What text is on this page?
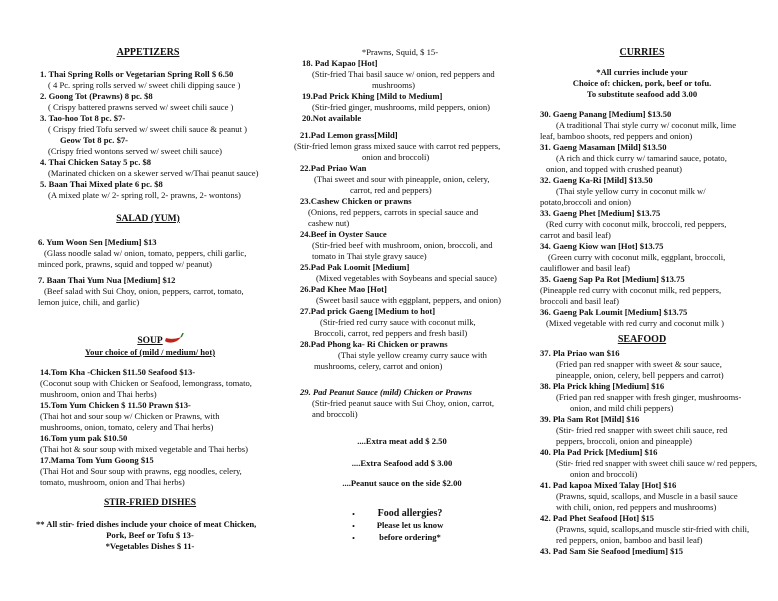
APPETIZERS
1. Thai Spring Rolls or Vegetarian Spring Roll $ 6.50
( 4 Pc. spring rolls served w/ sweet chili dipping sauce )
2. Goong Tot (Prawns) 8 pc. $8
( Crispy battered prawns served w/ sweet chili sauce )
3. Tao-hoo Tot 8 pc. $7-
( Crispy fried Tofu served w/ sweet chili sauce & peanut )
Geow Tot 8 pc. $7-
(Crispy fried wontons served w/ sweet chili sauce)
4. Thai Chicken Satay 5 pc. $8
(Marinated chicken on a skewer served w/Thai peanut sauce)
5. Baan Thai Mixed plate 6 pc. $8
(A mixed plate w/ 2- spring roll, 2- prawns, 2- wontons)
SALAD (YUM)
6. Yum Woon Sen [Medium] $13
(Glass noodle salad w/ onion, tomato, peppers, chili garlic,
minced pork, prawns, squid and topped w/ peanut)
7. Baan Thai Yum Nua [Medium] $12
(Beef salad with Sui Choy, onion, peppers, carrot, tomato,
lemon juice, chili, and garlic)
SOUP
Your choice of (mild / medium/ hot)
14.Tom Kha -Chicken $11.50 Seafood $13-
(Coconut soup with Chicken or Seafood, lemongrass, tomato,
mushroom, onion and Thai herbs)
15.Tom Yum Chicken $ 11.50 Prawn $13-
(Thai hot and sour soup w/ Chicken or Prawns, with
mushrooms, onion, tomato, celery and Thai herbs)
16.Tom yum pak $10.50
(Thai hot & sour soup with mixed vegetable and Thai herbs)
17.Mama Tom Yum Goong $15
(Thai Hot and Sour soup with prawns, egg noodles, celery,
tomato, mushroom, onion and Thai herbs)
STIR-FRIED DISHES
** All stir- fried dishes include your choice of meat Chicken,
Pork, Beef or Tofu $ 13-
*Vegetables Dishes $ 11-
*Prawns, Squid, $ 15-
18. Pad Kapao [Hot]
(Stir-fried Thai basil sauce w/ onion, red peppers and
mushrooms)
19.Pad Prick Khing [Mild to Medium]
(Stir-fried ginger, mushrooms, mild peppers, onion)
20.Not available
21.Pad Lemon grass[Mild]
(Stir-fried lemon grass mixed sauce with carrot red peppers,
onion and broccoli)
22.Pad Priao Wan
(Thai sweet and sour with pineapple, onion, celery,
carrot, red and peppers)
23.Cashew Chicken or prawns
(Onions, red peppers, carrots in special sauce and
cashew nut)
24.Beef in Oyster Sauce
(Stir-fried beef with mushroom, onion, broccoli, and
tomato in Thai style gravy sauce)
25.Pad Pak Loomit [Medium]
(Mixed vegetables with Soybeans and special sauce)
26.Pad Khee Mao [Hot]
(Sweet basil sauce with eggplant, peppers, and onion)
27.Pad prick Gaeng [Medium to hot]
(Stir-fried red curry sauce with coconut milk,
Broccoli, carrot, red peppers and fresh basil)
28.Pad Phong ka- Ri Chicken or prawns
(Thai style yellow creamy curry sauce with
mushrooms, celery, carrot and onion)
29. Pad Peanut Sauce (mild) Chicken or Prawns
(Stir-fried peanut sauce with Sui Choy, onion, carrot,
and broccoli)
....Extra meat add $ 2.50
....Extra Seafood add $ 3.00
....Peanut sauce on the side $2.00
•
•
•
Food allergies?
Please let us know
before ordering*
CURRIES
*All curries include your
Choice of: chicken, pork, beef or tofu.
To substitute seafood add 3.00
30. Gaeng Panang [Medium] $13.50
(A traditional Thai style curry w/ coconut milk, lime
leaf, bamboo shoots, red peppers and onion)
31. Gaeng Masaman [Mild] $13.50
(A rich and thick curry w/ tamarind sauce, potato,
onion, and topped with crushed peanut)
32. Gaeng Ka-Ri [Mild] $13.50
(Thai style yellow curry in coconut milk w/
potato,broccoli and onion)
33. Gaeng Phet [Medium] $13.75
(Red curry with coconut milk, broccoli, red peppers,
carrot and basil leaf)
34. Gaeng Kiow wan [Hot] $13.75
(Green curry with coconut milk, eggplant, broccoli,
cauliflower and basil leaf)
35. Gaeng Sap Pa Rot [Medium] $13.75
(Pineapple red curry with coconut milk, red peppers,
broccoli and basil leaf)
36. Gaeng Pak Loumit [Medium] $13.75
(Mixed vegetable with red curry and coconut milk )
SEAFOOD
37. Pla Priao wan $16
(Fried pan red snapper with sweet & sour sauce,
pineapple, onion, celery, bell peppers and carrot)
38. Pla Prick khing [Medium] $16
(Fried pan red snapper with fresh ginger, mushrooms-
onion, and mild chili peppers)
39. Pla Sam Rot [Mild] $16
(Stir- fried red snapper with sweet chili sauce, red
peppers, broccoli, onion and pineapple)
40. Pla Pad Prick [Medium] $16
(Stir- fried red snapper with sweet chili sauce w/ red peppers,
onion and broccoli)
41. Pad kapoa Mixed Talay [Hot] $16
(Prawns, squid, scallops, and Muscle in a basil sauce
with chili, onion, red peppers and mushrooms)
42. Pad Phet Seafood [Hot] $15
(Prawns, squid, scallops,and muscle stir-fried with chili,
red peppers, onion, bamboo and basil leaf)
43. Pad Sam Sie Seafood [medium] $15
